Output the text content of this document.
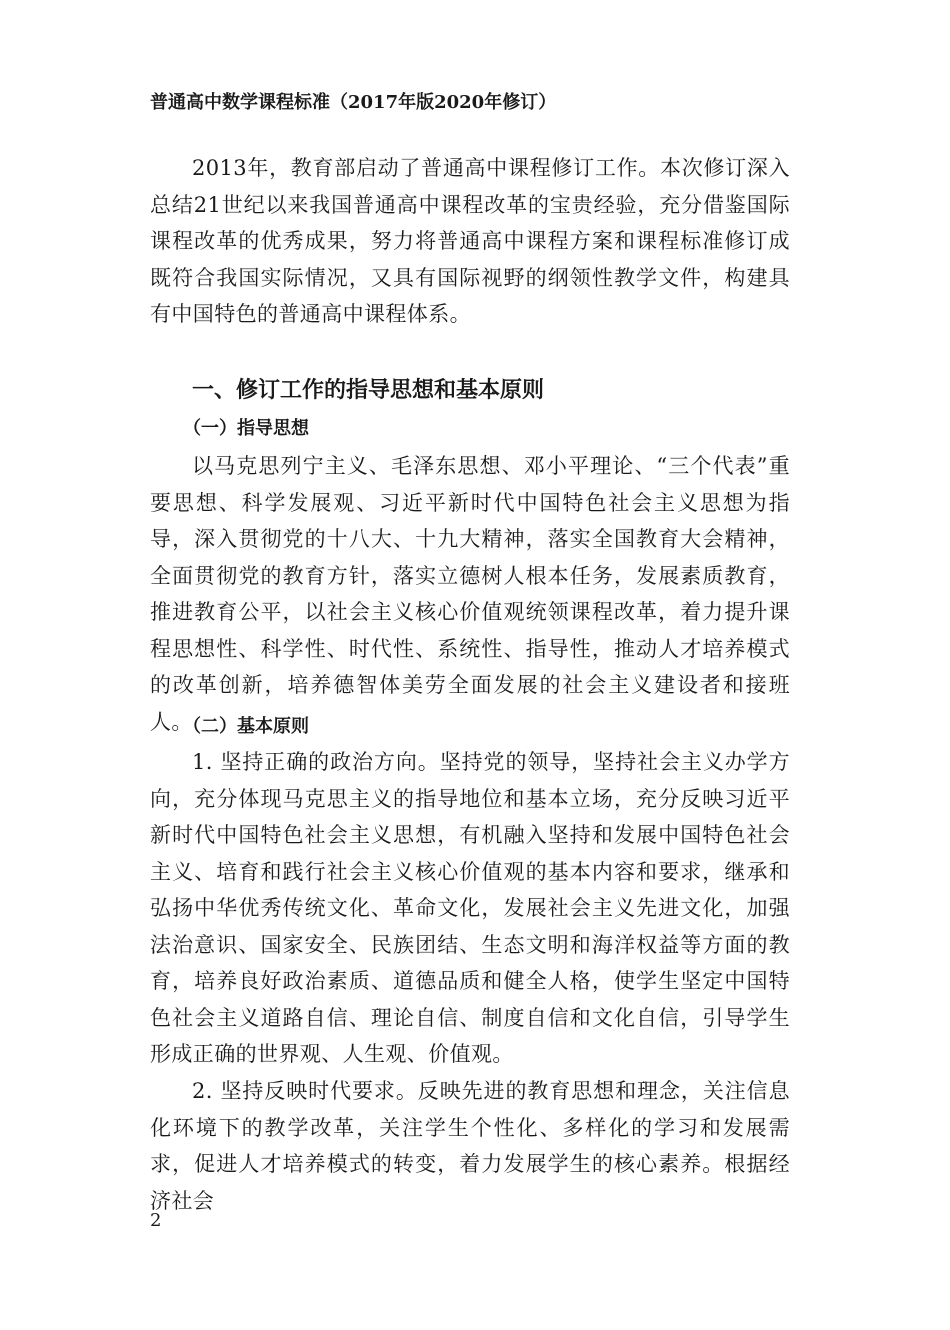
普通高中数学课程标准（2017年版2020年修订）

2013年，教育部启动了普通高中课程修订工作。本次修订深入总结21世纪以来我国普通高中课程改革的宝贵经验，充分借鉴国际课程改革的优秀成果，努力将普通高中课程方案和课程标准修订成既符合我国实际情况，又具有国际视野的纲领性教学文件，构建具有中国特色的普通高中课程体系。

一、修订工作的指导思想和基本原则
（一）指导思想

以马克思列宁主义、毛泽东思想、邓小平理论、“三个代表”重要思想、科学发展观、习近平新时代中国特色社会主义思想为指导，深入贯彻党的十八大、十九大精神，落实全国教育大会精神，全面贯彻党的教育方针，落实立德树人根本任务，发展素质教育，推进教育公平，以社会主义核心价值观统领课程改革，着力提升课程思想性、科学性、时代性、系统性、指导性，推动人才培养模式的改革创新，培养德智体美劳全面发展的社会主义建设者和接班人。

（二）基本原则

1. 坚持正确的政治方向。坚持党的领导，坚持社会主义办学方向，充分体现马克思主义的指导地位和基本立场，充分反映习近平新时代中国特色社会主义思想，有机融入坚持和发展中国特色社会主义、培育和践行社会主义核心价值观的基本内容和要求，继承和弘扬中华优秀传统文化、革命文化，发展社会主义先进文化，加强法治意识、国家安全、民族团结、生态文明和海洋权益等方面的教育，培养良好政治素质、道德品质和健全人格，使学生坚定中国特色社会主义道路自信、理论自信、制度自信和文化自信，引导学生形成正确的世界观、人生观、价值观。

2. 坚持反映时代要求。反映先进的教育思想和理念，关注信息化环境下的教学改革，关注学生个性化、多样化的学习和发展需求，促进人才培养模式的转变，着力发展学生的核心素养。根据经济社会

2
